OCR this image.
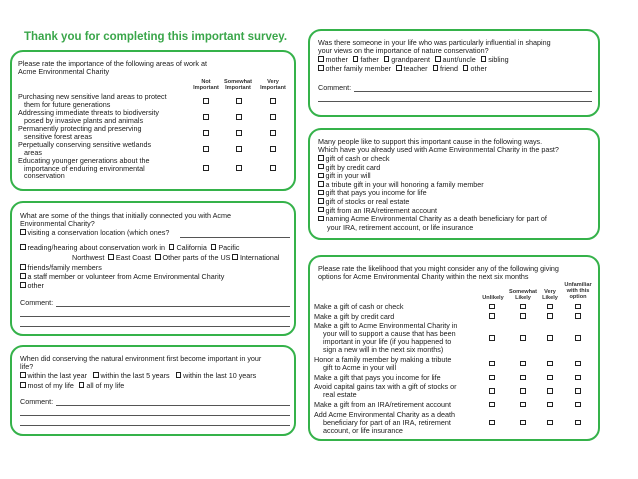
Thank you for completing this important survey.
Please rate the importance of the following areas of work at Acme Environmental Charity
Not Important
Somewhat Important
Very Important
Purchasing new sensitive land areas to protect
them for future generations
Addressing immediate threats to biodiversity
posed by invasive plants and animals
Permanently protecting and preserving
sensitive forest areas
Perpetually conserving sensitive wetlands
areas
Educating younger generations about the
importance of enduring environmental
conservation
What are some of the things that initially connected you with Acme
Environmental Charity?
visiting a conservation location (which ones?
reading/hearing about conservation work in California Pacific
Northwest East Coast Other parts of the US International
friends/family members
a staff member or volunteer from Acme Environmental Charity
other
Comment:
When did conserving the natural environment first become important in your
life?
within the last year within the last 5 years within the last 10 years
most of my life all of my life
Comment:
Was there someone in your life who was particularly influential in shaping
your views on the importance of nature conservation?
mother father grandparent aunt/uncle sibling
other family member teacher friend other
Comment:
Many people like to support this important cause in the following ways.
Which have you already used with Acme Environmental Charity in the past?
gift of cash or check
gift by credit card
gift in your will
a tribute gift in your will honoring a family member
gift that pays you income for life
gift of stocks or real estate
gift from an IRA/retirement account
naming Acme Environmental Charity as a death beneficiary for part of
your IRA, retirement account, or life insurance
Please rate the likelihood that you might consider any of the following giving
options for Acme Environmental Charity within the next six months
Unlikely
Somewhat Likely
Very Likely
Unfamiliar with this option
Make a gift of cash or check
Make a gift by credit card
Make a gift to Acme Environmental Charity in
your will to support a cause that has been
important in your life (if you happened to
sign a new will in the next six months)
Honor a family member by making a tribute
gift to Acme in your will
Make a gift that pays you income for life
Avoid capital gains tax with a gift of stocks or
real estate
Make a gift from an IRA/retirement account
Add Acme Environmental Charity as a death
beneficiary for part of an IRA, retirement
account, or life insurance
